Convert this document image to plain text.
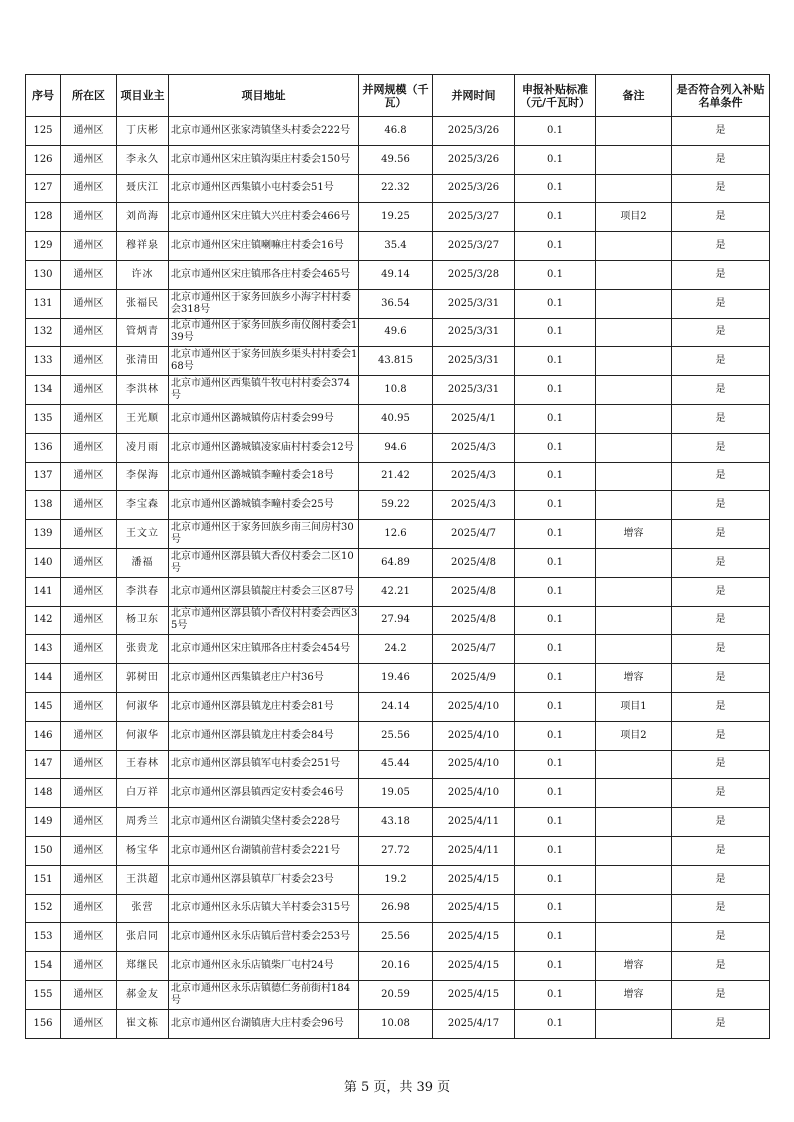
序号	所在区	项目业主	项目地址	并网规模（千瓦）	并网时间	申报补贴标准（元/千瓦时）	备注	是否符合列入补贴名单条件
125	通州区	丁庆彬	北京市通州区张家湾镇垡头村委会222号	46.8	2025/3/26	0.1		是
126	通州区	李永久	北京市通州区宋庄镇沟渠庄村委会150号	49.56	2025/3/26	0.1		是
127	通州区	聂庆江	北京市通州区西集镇小屯村委会51号	22.32	2025/3/26	0.1		是
128	通州区	刘尚海	北京市通州区宋庄镇大兴庄村委会466号	19.25	2025/3/27	0.1	项目2	是
129	通州区	穆祥泉	北京市通州区宋庄镇喇嘛庄村委会16号	35.4	2025/3/27	0.1		是
130	通州区	许冰	北京市通州区宋庄镇邢各庄村委会465号	49.14	2025/3/28	0.1		是
131	通州区	张福民	北京市通州区于家务回族乡小海字村村委会318号	36.54	2025/3/31	0.1		是
132	通州区	管炳青	北京市通州区于家务回族乡南仪阁村委会139号	49.6	2025/3/31	0.1		是
133	通州区	张清田	北京市通州区于家务回族乡渠头村村委会168号	43.815	2025/3/31	0.1		是
134	通州区	李洪林	北京市通州区西集镇牛牧屯村村委会374号	10.8	2025/3/31	0.1		是
135	通州区	王光顺	北京市通州区潞城镇侉店村委会99号	40.95	2025/4/1	0.1		是
136	通州区	凌月雨	北京市通州区潞城镇凌家庙村村委会12号	94.6	2025/4/3	0.1		是
137	通州区	李保海	北京市通州区潞城镇李疃村委会18号	21.42	2025/4/3	0.1		是
138	通州区	李宝森	北京市通州区潞城镇李疃村委会25号	59.22	2025/4/3	0.1		是
139	通州区	王文立	北京市通州区于家务回族乡南三间房村30号	12.6	2025/4/7	0.1	增容	是
140	通州区	潘福	北京市通州区漷县镇大香仪村委会二区10号	64.89	2025/4/8	0.1		是
141	通州区	李洪春	北京市通州区漷县镇靛庄村委会三区87号	42.21	2025/4/8	0.1		是
142	通州区	杨卫东	北京市通州区漷县镇小香仪村村委会西区35号	27.94	2025/4/8	0.1		是
143	通州区	张贵龙	北京市通州区宋庄镇邢各庄村委会454号	24.2	2025/4/7	0.1		是
144	通州区	郭树田	北京市通州区西集镇老庄户村36号	19.46	2025/4/9	0.1	增容	是
145	通州区	何淑华	北京市通州区漷县镇龙庄村委会81号	24.14	2025/4/10	0.1	项目1	是
146	通州区	何淑华	北京市通州区漷县镇龙庄村委会84号	25.56	2025/4/10	0.1	项目2	是
147	通州区	王春林	北京市通州区漷县镇军屯村委会251号	45.44	2025/4/10	0.1		是
148	通州区	白万祥	北京市通州区漷县镇西定安村委会46号	19.05	2025/4/10	0.1		是
149	通州区	周秀兰	北京市通州区台湖镇尖垡村委会228号	43.18	2025/4/11	0.1		是
150	通州区	杨宝华	北京市通州区台湖镇前营村委会221号	27.72	2025/4/11	0.1		是
151	通州区	王洪超	北京市通州区漷县镇草厂村委会23号	19.2	2025/4/15	0.1		是
152	通州区	张营	北京市通州区永乐店镇大羊村委会315号	26.98	2025/4/15	0.1		是
153	通州区	张启同	北京市通州区永乐店镇后营村委会253号	25.56	2025/4/15	0.1		是
154	通州区	郑继民	北京市通州区永乐店镇柴厂屯村24号	20.16	2025/4/15	0.1	增容	是
155	通州区	郝金友	北京市通州区永乐店镇德仁务前街村184号	20.59	2025/4/15	0.1	增容	是
156	通州区	崔文栋	北京市通州区台湖镇唐大庄村委会96号	10.08	2025/4/17	0.1		是
第 5 页，共 39 页
